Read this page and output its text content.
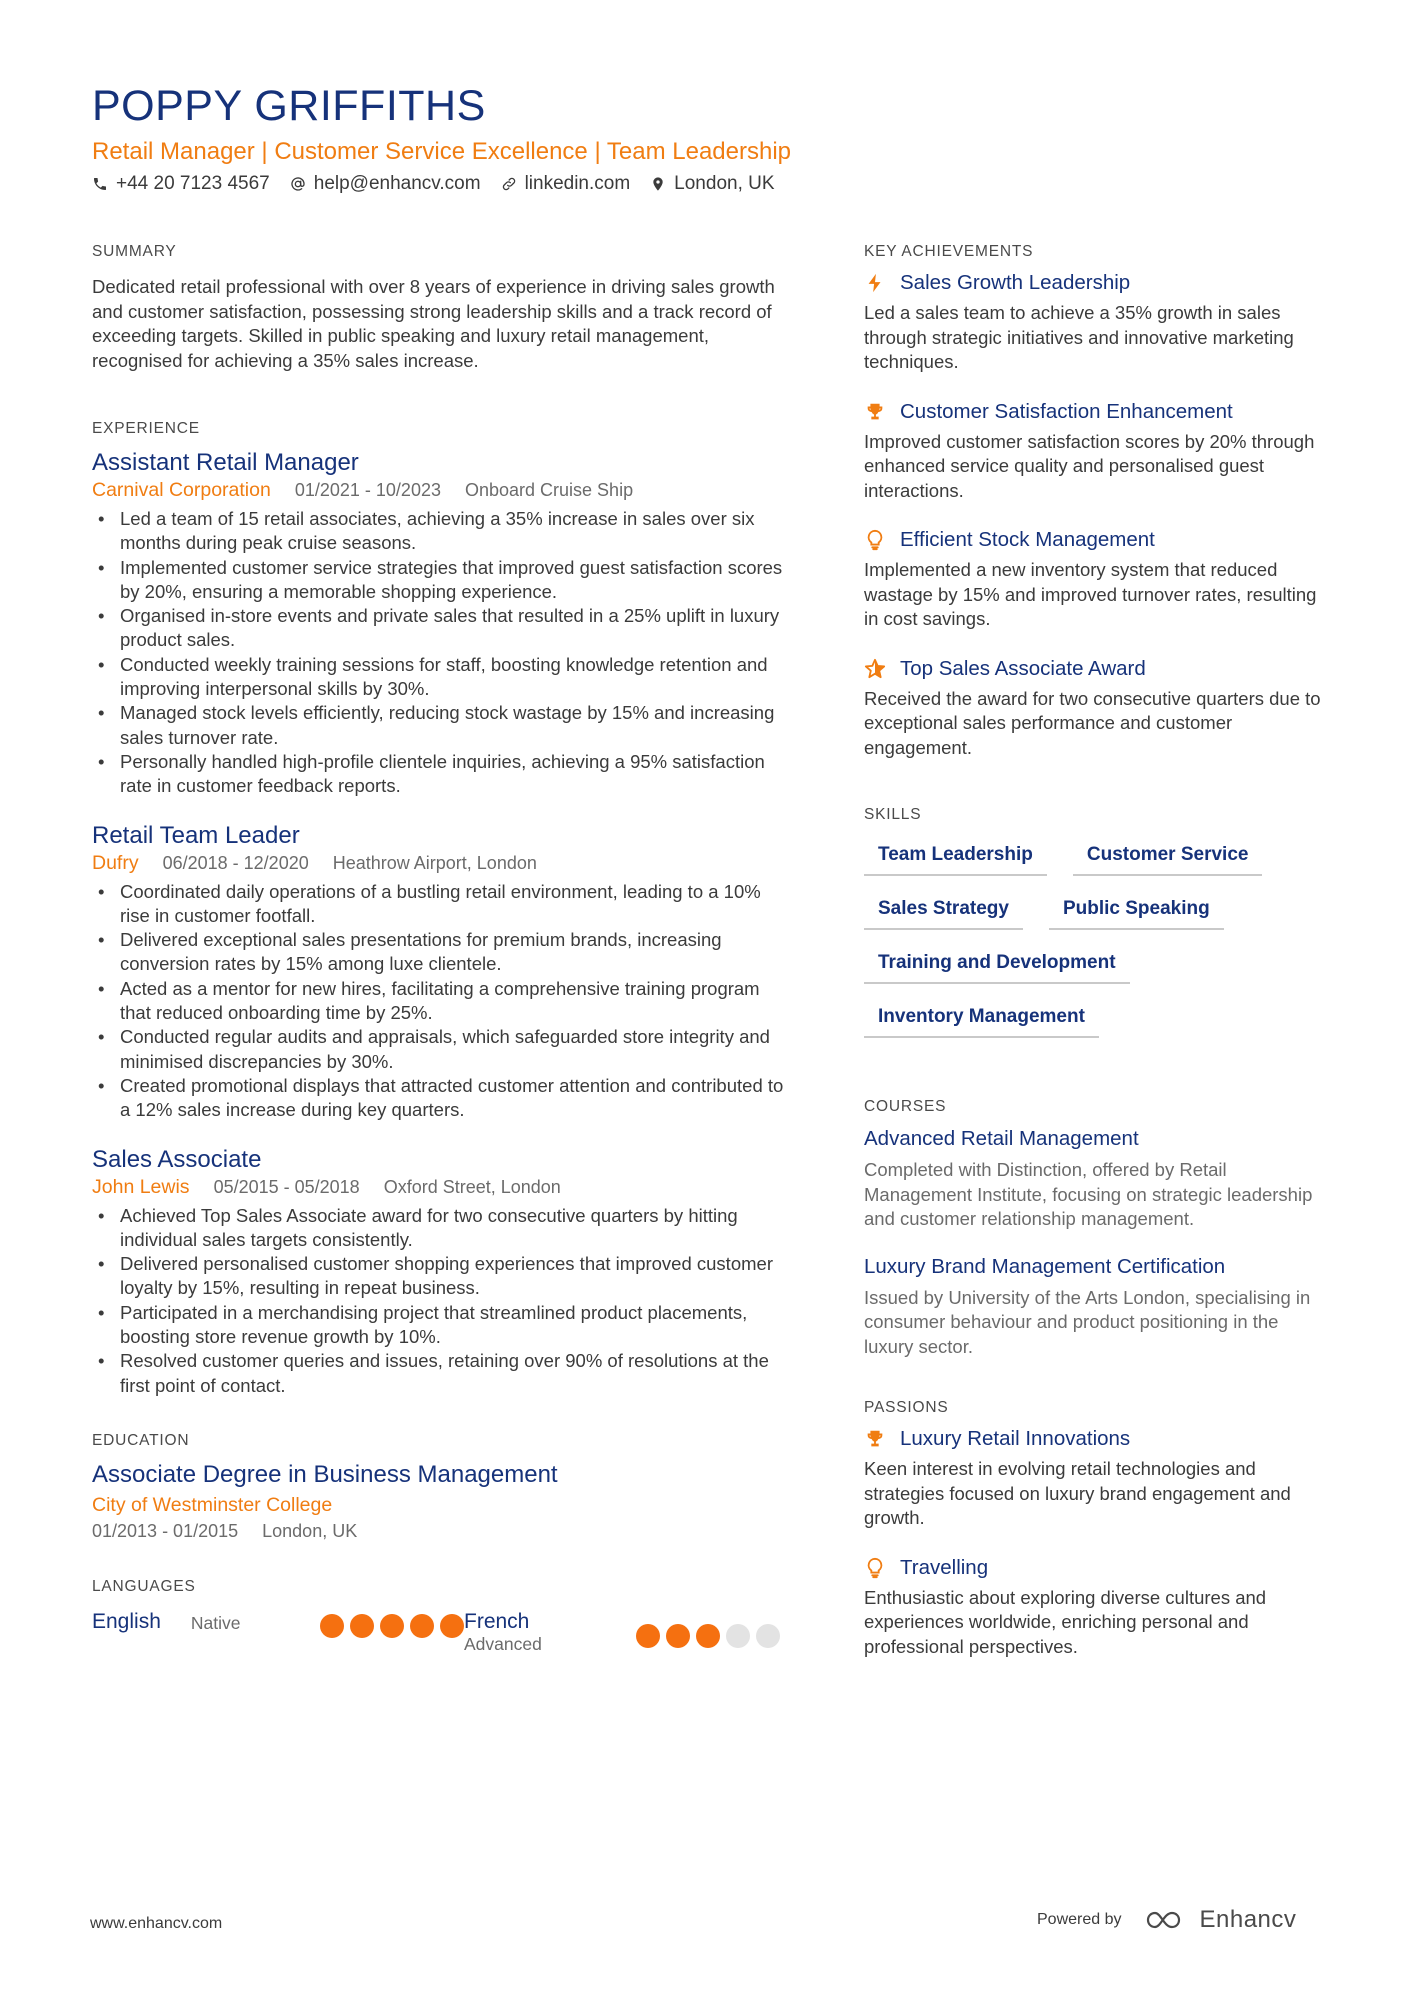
POPPY GRIFFITHS
Retail Manager | Customer Service Excellence | Team Leadership
+44 20 7123 4567 help@enhancv.com linkedin.com London, UK
SUMMARY
Dedicated retail professional with over 8 years of experience in driving sales growth and customer satisfaction, possessing strong leadership skills and a track record of exceeding targets. Skilled in public speaking and luxury retail management, recognised for achieving a 35% sales increase.
EXPERIENCE
Assistant Retail Manager
Carnival Corporation 01/2021 - 10/2023 Onboard Cruise Ship
• Led a team of 15 retail associates, achieving a 35% increase in sales over six months during peak cruise seasons.
• Implemented customer service strategies that improved guest satisfaction scores by 20%, ensuring a memorable shopping experience.
• Organised in-store events and private sales that resulted in a 25% uplift in luxury product sales.
• Conducted weekly training sessions for staff, boosting knowledge retention and improving interpersonal skills by 30%.
• Managed stock levels efficiently, reducing stock wastage by 15% and increasing sales turnover rate.
• Personally handled high-profile clientele inquiries, achieving a 95% satisfaction rate in customer feedback reports.
Retail Team Leader
Dufry 06/2018 - 12/2020 Heathrow Airport, London
• Coordinated daily operations of a bustling retail environment, leading to a 10% rise in customer footfall.
• Delivered exceptional sales presentations for premium brands, increasing conversion rates by 15% among luxe clientele.
• Acted as a mentor for new hires, facilitating a comprehensive training program that reduced onboarding time by 25%.
• Conducted regular audits and appraisals, which safeguarded store integrity and minimised discrepancies by 30%.
• Created promotional displays that attracted customer attention and contributed to a 12% sales increase during key quarters.
Sales Associate
John Lewis 05/2015 - 05/2018 Oxford Street, London
• Achieved Top Sales Associate award for two consecutive quarters by hitting individual sales targets consistently.
• Delivered personalised customer shopping experiences that improved customer loyalty by 15%, resulting in repeat business.
• Participated in a merchandising project that streamlined product placements, boosting store revenue growth by 10%.
• Resolved customer queries and issues, retaining over 90% of resolutions at the first point of contact.
EDUCATION
Associate Degree in Business Management
City of Westminster College
01/2013 - 01/2015 London, UK
LANGUAGES
English Native	French
Advanced
KEY ACHIEVEMENTS
Sales Growth Leadership
Led a sales team to achieve a 35% growth in sales through strategic initiatives and innovative marketing techniques.
Customer Satisfaction Enhancement
Improved customer satisfaction scores by 20% through enhanced service quality and personalised guest interactions.
Efficient Stock Management
Implemented a new inventory system that reduced wastage by 15% and improved turnover rates, resulting in cost savings.
Top Sales Associate Award
Received the award for two consecutive quarters due to exceptional sales performance and customer engagement.
SKILLS
Team Leadership	Customer Service
Sales Strategy	Public Speaking
Training and Development
Inventory Management
COURSES
Advanced Retail Management
Completed with Distinction, offered by Retail Management Institute, focusing on strategic leadership and customer relationship management.
Luxury Brand Management Certification
Issued by University of the Arts London, specialising in consumer behaviour and product positioning in the luxury sector.
PASSIONS
Luxury Retail Innovations
Keen interest in evolving retail technologies and strategies focused on luxury brand engagement and growth.
Travelling
Enthusiastic about exploring diverse cultures and experiences worldwide, enriching personal and professional perspectives.
www.enhancv.com	Powered by	Enhancv
